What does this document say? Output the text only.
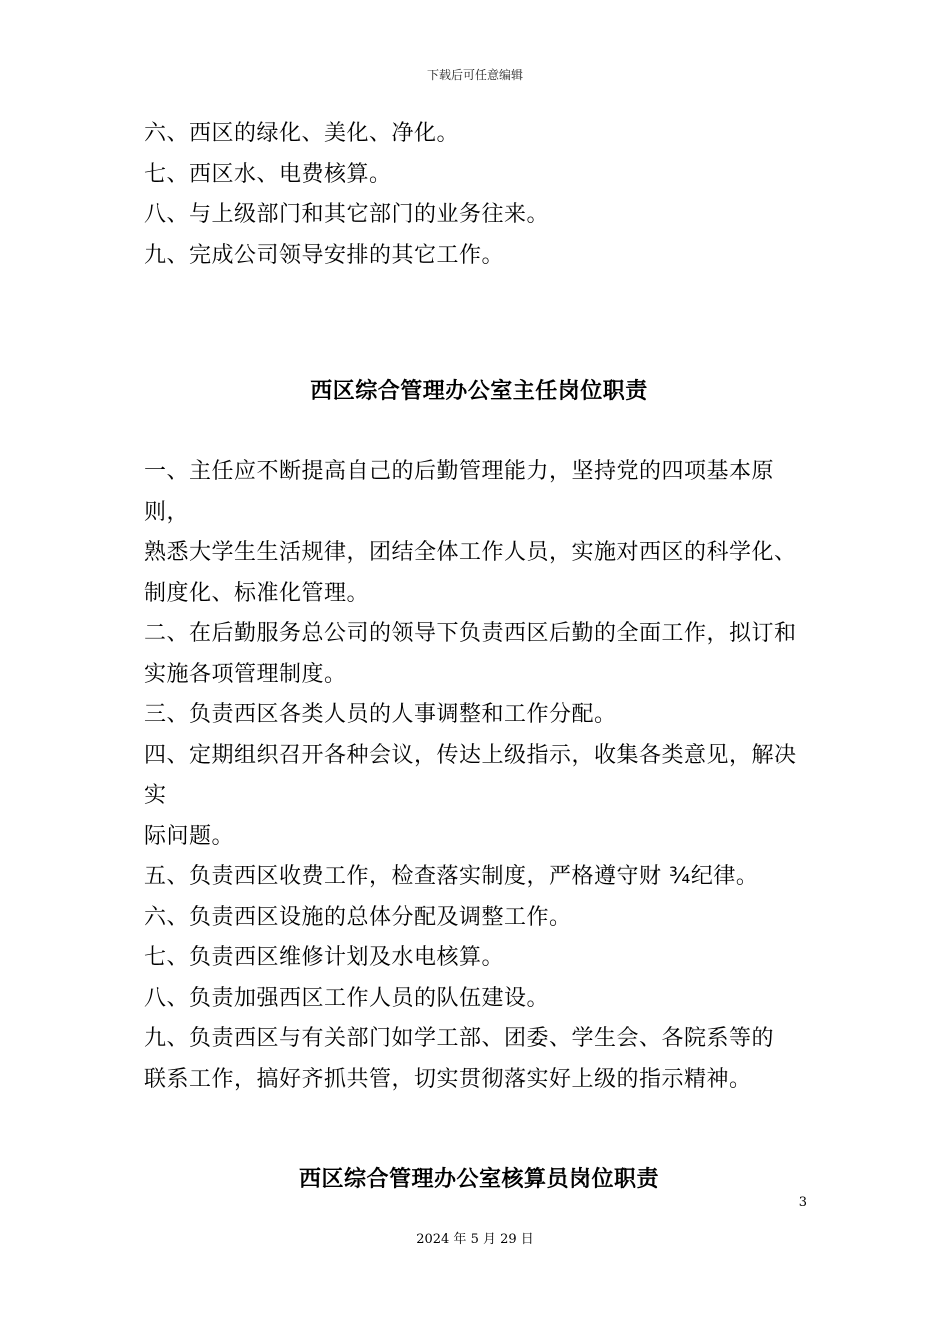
下载后可任意编辑

六、西区的绿化、美化、净化。

七、西区水、电费核算。

八、与上级部门和其它部门的业务往来。

九、完成公司领导安排的其它工作。

西区综合管理办公室主任岗位职责

一、主任应不断提高自己的后勤管理能力，坚持党的四项基本原则，

熟悉大学生生活规律，团结全体工作人员，实施对西区的科学化、

制度化、标准化管理。

二、在后勤服务总公司的领导下负责西区后勤的全面工作，拟订和

实施各项管理制度。

三、负责西区各类人员的人事调整和工作分配。

四、定期组织召开各种会议，传达上级指示，收集各类意见，解决实

际问题。

五、负责西区收费工作，检查落实制度，严格遵守财 ¾纪律。

六、负责西区设施的总体分配及调整工作。

七、负责西区维修计划及水电核算。

八、负责加强西区工作人员的队伍建设。

九、负责西区与有关部门如学工部、团委、学生会、各院系等的

联系工作，搞好齐抓共管，切实贯彻落实好上级的指示精神。

西区综合管理办公室核算员岗位职责
3
2024 年 5 月 29 日
